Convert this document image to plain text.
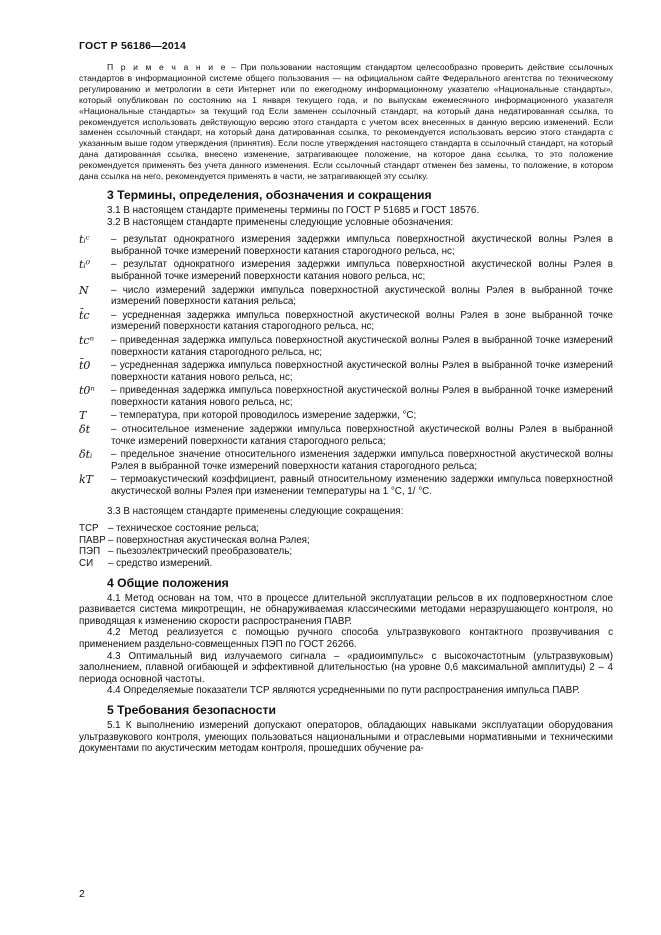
ГОСТ Р 56186—2014

П р и м е ч а н и е – При пользовании настоящим стандартом целесообразно проверить действие ссылочных стандартов в информационной системе общего пользования — на официальном сайте Федерального агентства по техническому регулированию и метрологии в сети Интернет или по ежегодному информационному указателю «Национальные стандарты», который опубликован по состоянию на 1 января текущего года, и по выпускам ежемесячного информационного указателя «Национальные стандарты» за текущий год Если заменен ссылочный стандарт, на который дана недатированная ссылка, то рекомендуется использовать действующую версию этого стандарта с учетом всех внесенных в данную версию изменений. Если заменен ссылочный стандарт, на который дана датированная ссылка, то рекомендуется использовать версию этого стандарта с указанным выше годом утверждения (принятия). Если после утверждения настоящего стандарта в ссылочный стандарт, на который дана датированная ссылка, внесено изменение, затрагивающее положение, на которое дана ссылка, то это положение рекомендуется применять без учета данного изменения. Если ссылочный стандарт отменен без замены, то положение, в котором дана ссылка на него, рекомендуется применять в части, не затрагивающей эту ссылку.

3 Термины, определения, обозначения и сокращения

3.1 В настоящем стандарте применены термины по ГОСТ Р 51685 и ГОСТ 18576.

3.2 В настоящем стандарте применены следующие условные обозначения:

tᵢᶜ	– результат однократного измерения задержки импульса поверхностной акустической волны Рэлея в выбранной точке измерений поверхности катания старогодного рельса, нс;
tᵢ⁰	– результат однократного измерения задержки импульса поверхностной акустической волны Рэлея в выбранной точке измерений поверхности катания нового рельса, нс;
N	– число измерений задержки импульса поверхностной акустической волны Рэлея в выбранной точке измерений поверхности катания рельса;
t̄c	– усредненная задержка импульса поверхностной акустической волны Рэлея в зоне выбранной точке измерений поверхности катания старогодного рельса, нс;
tcⁿ	– приведенная задержка импульса поверхностной акустической волны Рэлея в выбранной точке измерений поверхности катания старогодного рельса, нс;
t̄0	– усредненная задержка импульса поверхностной акустической волны Рэлея в выбранной точке измерений поверхности катания нового рельса, нс;
t0ⁿ	– приведенная задержка импульса поверхностной акустической волны Рэлея в выбранной точке измерений поверхности катания нового рельса, нс;
T	– температура, при которой проводилось измерение задержки, °С;
δt	– относительное изменение задержки импульса поверхностной акустической волны Рэлея в выбранной точке измерений поверхности катания старогодного рельса;
δtᵢ	– предельное значение относительного изменения задержки импульса поверхностной акустической волны Рэлея в выбранной точке измерений поверхности катания старогодного рельса;
kT	– термоакустический коэффициент, равный относительному изменению задержки импульса поверхностной акустической волны Рэлея при изменении температуры на 1 °С, 1/ °С.

3.3 В настоящем стандарте применены следующие сокращения:

ТСР – техническое состояние рельса;
ПАВР – поверхностная акустическая волна Рэлея;
ПЭП – пьезоэлектрический преобразователь;
СИ	– средство измерений.
4 Общие положения

4.1 Метод основан на том, что в процессе длительной эксплуатации рельсов в их подповерхностном слое развивается система микротрещин, не обнаруживаемая классическими методами неразрушающего контроля, но приводящая к изменению скорости распространения ПАВР.

4.2 Метод реализуется с помощью ручного способа ультразвукового контактного прозвучивания с применением раздельно-совмещенных ПЭП по ГОСТ 26266.

4.3 Оптимальный вид излучаемого сигнала – «радиоимпульс» с высокочастотным (ультразвуковым) заполнением, плавной огибающей и эффективной длительностью (на уровне 0,6 максимальной амплитуды) 2 – 4 периода основной частоты.

4.4 Определяемые показатели ТСР являются усредненными по пути распространения импульса ПАВР.

5 Требования безопасности

5.1 К выполнению измерений допускают операторов, обладающих навыками эксплуатации оборудования ультразвукового контроля, умеющих пользоваться национальными и отраслевыми нормативными и техническими документами по акустическим методам контроля, прошедших обучение ра-

2
